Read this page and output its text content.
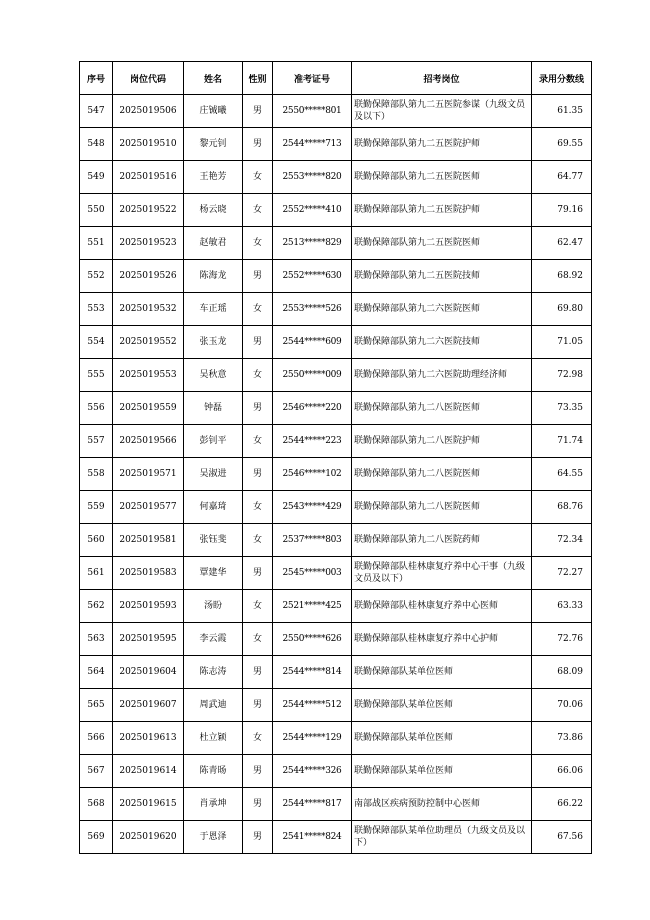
序号	岗位代码	姓名	性别	准考证号	招考岗位	录用分数线
547	2025019506	庄铖曦	男	2550*****801	联勤保障部队第九二五医院参谋（九级文员及以下）	61.35
548	2025019510	黎元钊	男	2544*****713	联勤保障部队第九二五医院护师	69.55
549	2025019516	王艳芳	女	2553*****820	联勤保障部队第九二五医院医师	64.77
550	2025019522	杨云晓	女	2552*****410	联勤保障部队第九二五医院护师	79.16
551	2025019523	赵敏君	女	2513*****829	联勤保障部队第九二五医院医师	62.47
552	2025019526	陈海龙	男	2552*****630	联勤保障部队第九二五医院技师	68.92
553	2025019532	车正瑶	女	2553*****526	联勤保障部队第九二六医院医师	69.80
554	2025019552	张玉龙	男	2544*****609	联勤保障部队第九二六医院技师	71.05
555	2025019553	吴秋意	女	2550*****009	联勤保障部队第九二六医院助理经济师	72.98
556	2025019559	钟磊	男	2546*****220	联勤保障部队第九二八医院医师	73.35
557	2025019566	彭钊平	女	2544*****223	联勤保障部队第九二八医院护师	71.74
558	2025019571	吴淑进	男	2546*****102	联勤保障部队第九二八医院医师	64.55
559	2025019577	何嘉琦	女	2543*****429	联勤保障部队第九二八医院医师	68.76
560	2025019581	张钰斐	女	2537*****803	联勤保障部队第九二八医院药师	72.34
561	2025019583	覃建华	男	2545*****003	联勤保障部队桂林康复疗养中心干事（九级文员及以下）	72.27
562	2025019593	汤盼	女	2521*****425	联勤保障部队桂林康复疗养中心医师	63.33
563	2025019595	李云霞	女	2550*****626	联勤保障部队桂林康复疗养中心护师	72.76
564	2025019604	陈志涛	男	2544*****814	联勤保障部队某单位医师	68.09
565	2025019607	周武迪	男	2544*****512	联勤保障部队某单位医师	70.06
566	2025019613	杜立颖	女	2544*****129	联勤保障部队某单位医师	73.86
567	2025019614	陈青旸	男	2544*****326	联勤保障部队某单位医师	66.06
568	2025019615	肖承坤	男	2544*****817	南部战区疾病预防控制中心医师	66.22
569	2025019620	于恩泽	男	2541*****824	联勤保障部队某单位助理员（九级文员及以下）	67.56
